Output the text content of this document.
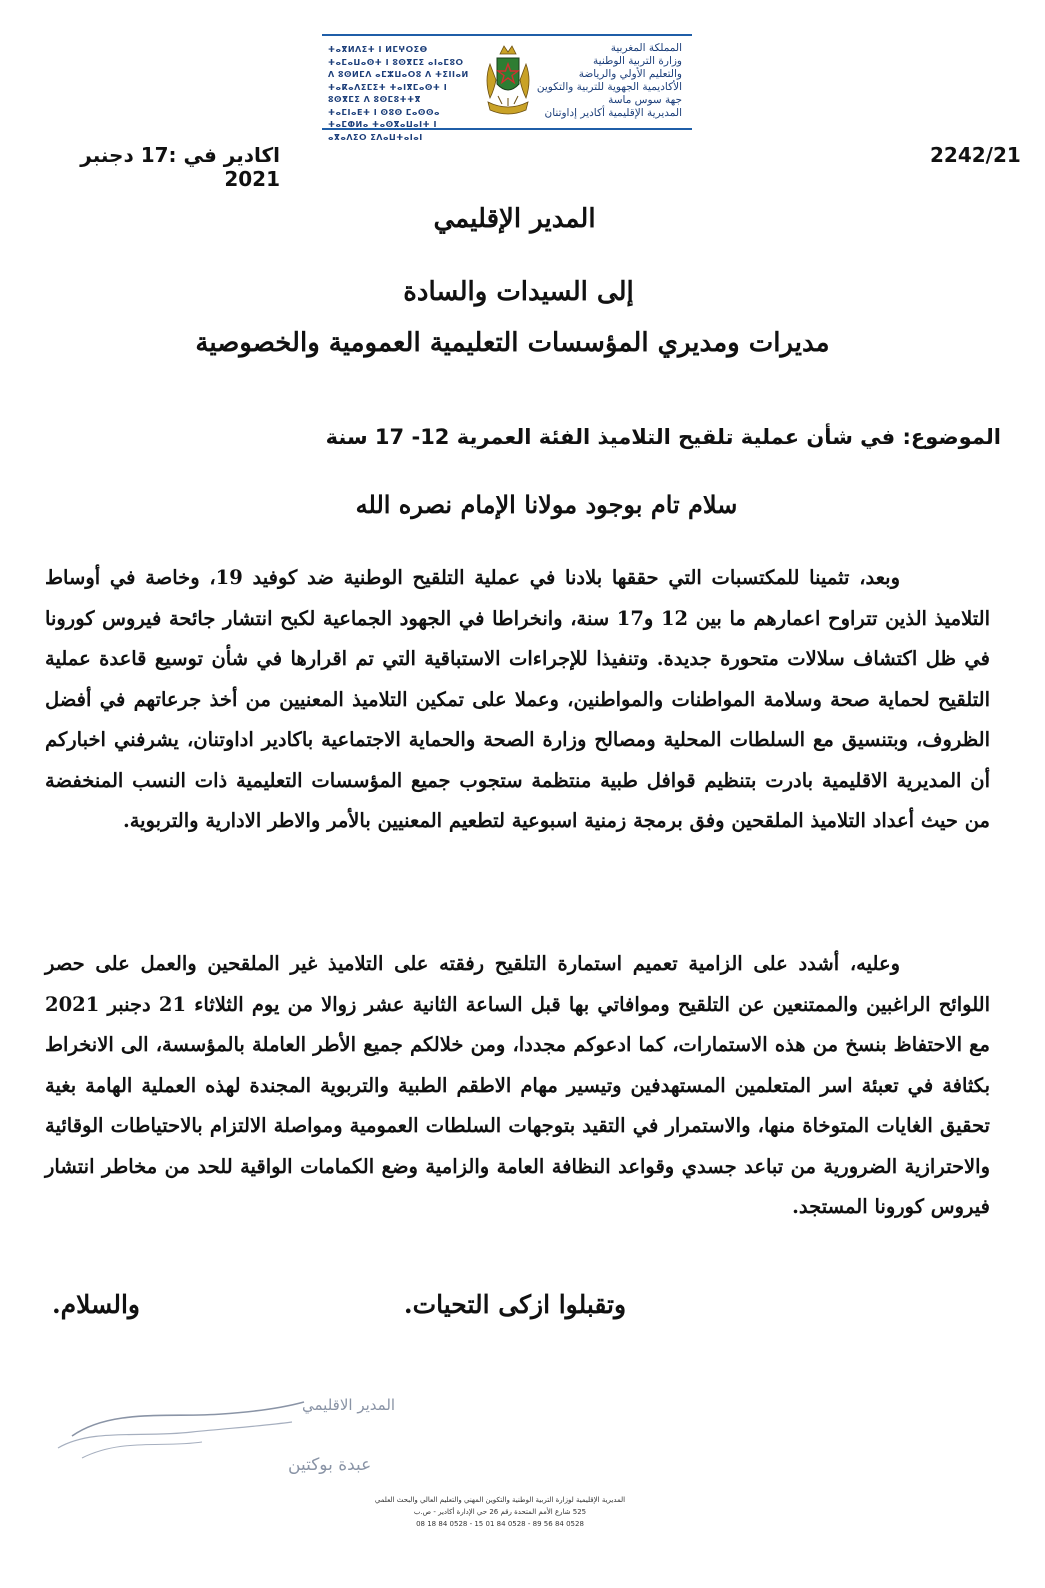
ⵜⴰⴳⵍⴷⵉⵜ ⵏ ⵍⵎⵖⵔⵉⴱ
ⵜⴰⵎⴰⵡⴰⵙⵜ ⵏ ⵓⵙⴳⵎⵉ ⴰⵏⴰⵎⵓⵔ
ⴷ ⵓⵙⵍⵎⴷ ⴰⵎⵣⵡⴰⵔⵓ ⴷ ⵜⵉⵏⵏⴰⵍ
ⵜⴰⴽⴰⴷⵉⵎⵉⵜ ⵜⴰⵏⴳⵎⴰⵙⵜ ⵏ ⵓⵙⴳⵎⵉ ⴷ ⵓⵙⵎⵓⵜⵜⴳ
ⵜⴰⵎⵏⴰⴹⵜ ⵏ ⵙⵓⵙ ⵎⴰⵙⵙⴰ
ⵜⴰⵎⵀⵍⴰ ⵜⴰⵙⴳⴰⵡⴰⵏⵜ ⵏ ⴰⴳⴰⴷⵉⵔ ⵉⴷⴰⵡⵜⴰⵏⴰⵏ
المملكة المغربية
وزارة التربية الوطنية
والتعليم الأولي والرياضة
الأكاديمية الجهوية للتربية والتكوين
جهة سوس ماسة
المديرية الإقليمية أكادير إداوتنان
2242/21
اكادير في :17 دجنبر 2021
المدير الإقليمي
إلى السيدات والسادة
مديرات ومديري المؤسسات التعليمية العمومية والخصوصية
الموضوع: في شأن عملية تلقيح التلاميذ الفئة العمرية 12- 17 سنة
سلام تام بوجود مولانا الإمام نصره الله
وبعد، تثمينا للمكتسبات التي حققها بلادنا في عملية التلقيح الوطنية ضد كوفيد 19، وخاصة في أوساط التلاميذ الذين تتراوح اعمارهم ما بين 12 و17 سنة، وانخراطا في الجهود الجماعية لكبح انتشار جائحة فيروس كورونا في ظل اكتشاف سلالات متحورة جديدة. وتنفيذا للإجراءات الاستباقية التي تم اقرارها في شأن توسيع قاعدة عملية التلقيح لحماية صحة وسلامة المواطنات والمواطنين، وعملا على تمكين التلاميذ المعنيين من أخذ جرعاتهم في أفضل الظروف، وبتنسيق مع السلطات المحلية ومصالح وزارة الصحة والحماية الاجتماعية باكادير اداوتنان، يشرفني اخباركم أن المديرية الاقليمية بادرت بتنظيم قوافل طبية منتظمة ستجوب جميع المؤسسات التعليمية ذات النسب المنخفضة من حيث أعداد التلاميذ الملقحين وفق برمجة زمنية اسبوعية لتطعيم المعنيين بالأمر والاطر الادارية والتربوية.
وعليه، أشدد على الزامية تعميم استمارة التلقيح رفقته على التلاميذ غير الملقحين والعمل على حصر اللوائح الراغبين والممتنعين عن التلقيح وموافاتي بها قبل الساعة الثانية عشر زوالا من يوم الثلاثاء 21 دجنبر 2021 مع الاحتفاظ بنسخ من هذه الاستمارات، كما ادعوكم مجددا، ومن خلالكم جميع الأطر العاملة بالمؤسسة، الى الانخراط بكثافة في تعبئة اسر المتعلمين المستهدفين وتيسير مهام الاطقم الطبية والتربوية المجندة لهذه العملية الهامة بغية تحقيق الغايات المتوخاة منها، والاستمرار في التقيد بتوجهات السلطات العمومية ومواصلة الالتزام بالاحتياطات الوقائية والاحترازية الضرورية من تباعد جسدي وقواعد النظافة العامة والزامية وضع الكمامات الواقية للحد من مخاطر انتشار فيروس كورونا المستجد.
وتقبلوا ازكى التحيات.
والسلام.
المدير الاقليمي
عبدة بوكتين
المديرية الإقليمية لوزارة التربية الوطنية والتكوين المهني والتعليم العالي والبحث العلمي
525 شارع الأمم المتحدة رقم 26 حي الإدارة أكادير - ص.ب
0528 84 56 89 - 0528 84 01 15 - 0528 84 18 08
